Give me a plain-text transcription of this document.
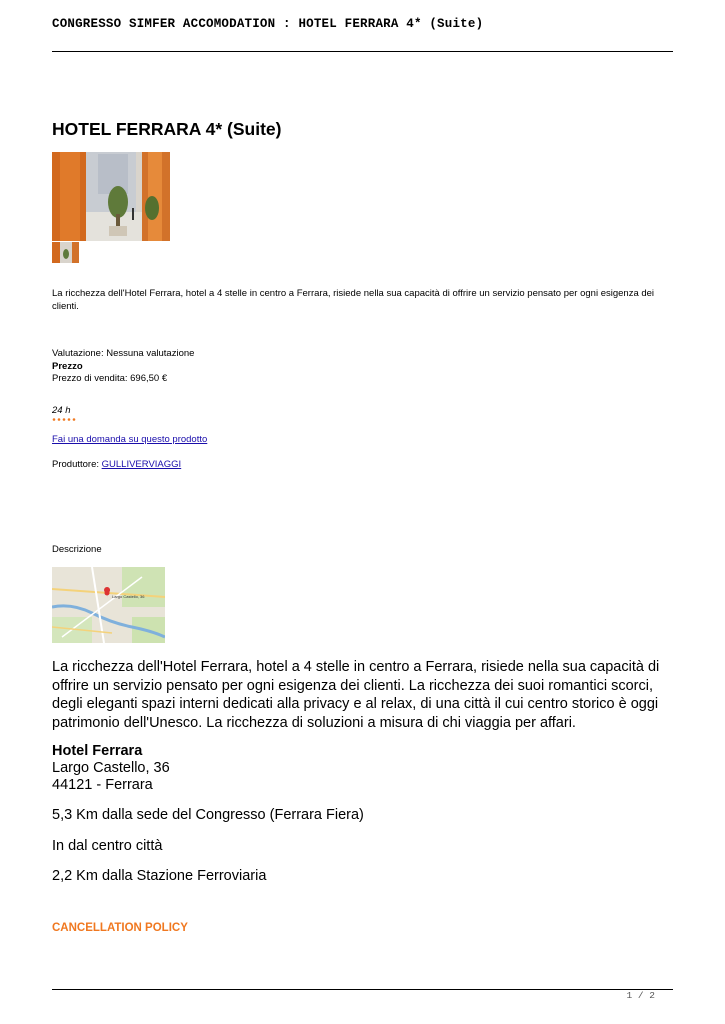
CONGRESSO SIMFER ACCOMODATION : HOTEL FERRARA 4* (Suite)
HOTEL FERRARA 4* (Suite)
La ricchezza dell'Hotel Ferrara, hotel a 4 stelle in centro a Ferrara, risiede nella sua capacità di offrire un servizio pensato per ogni esigenza dei clienti.
Valutazione: Nessuna valutazione
Prezzo
Prezzo di vendita: 696,50 €
24 h
Fai una domanda su questo prodotto
Produttore: GULLIVERVIAGGI
Descrizione
Largo Castello, 36
La ricchezza dell'Hotel Ferrara, hotel a 4 stelle in centro a Ferrara, risiede nella sua capacità di offrire un servizio pensato per ogni esigenza dei clienti. La ricchezza dei suoi romantici scorci, degli eleganti spazi interni dedicati alla privacy e al relax, di una città il cui centro storico è oggi patrimonio dell'Unesco. La ricchezza di soluzioni a misura di chi viaggia per affari.
Hotel Ferrara
Largo Castello, 36
44121 - Ferrara
5,3 Km dalla sede del Congresso (Ferrara Fiera)
In dal centro città
2,2 Km dalla Stazione Ferroviaria
CANCELLATION POLICY
1 / 2
